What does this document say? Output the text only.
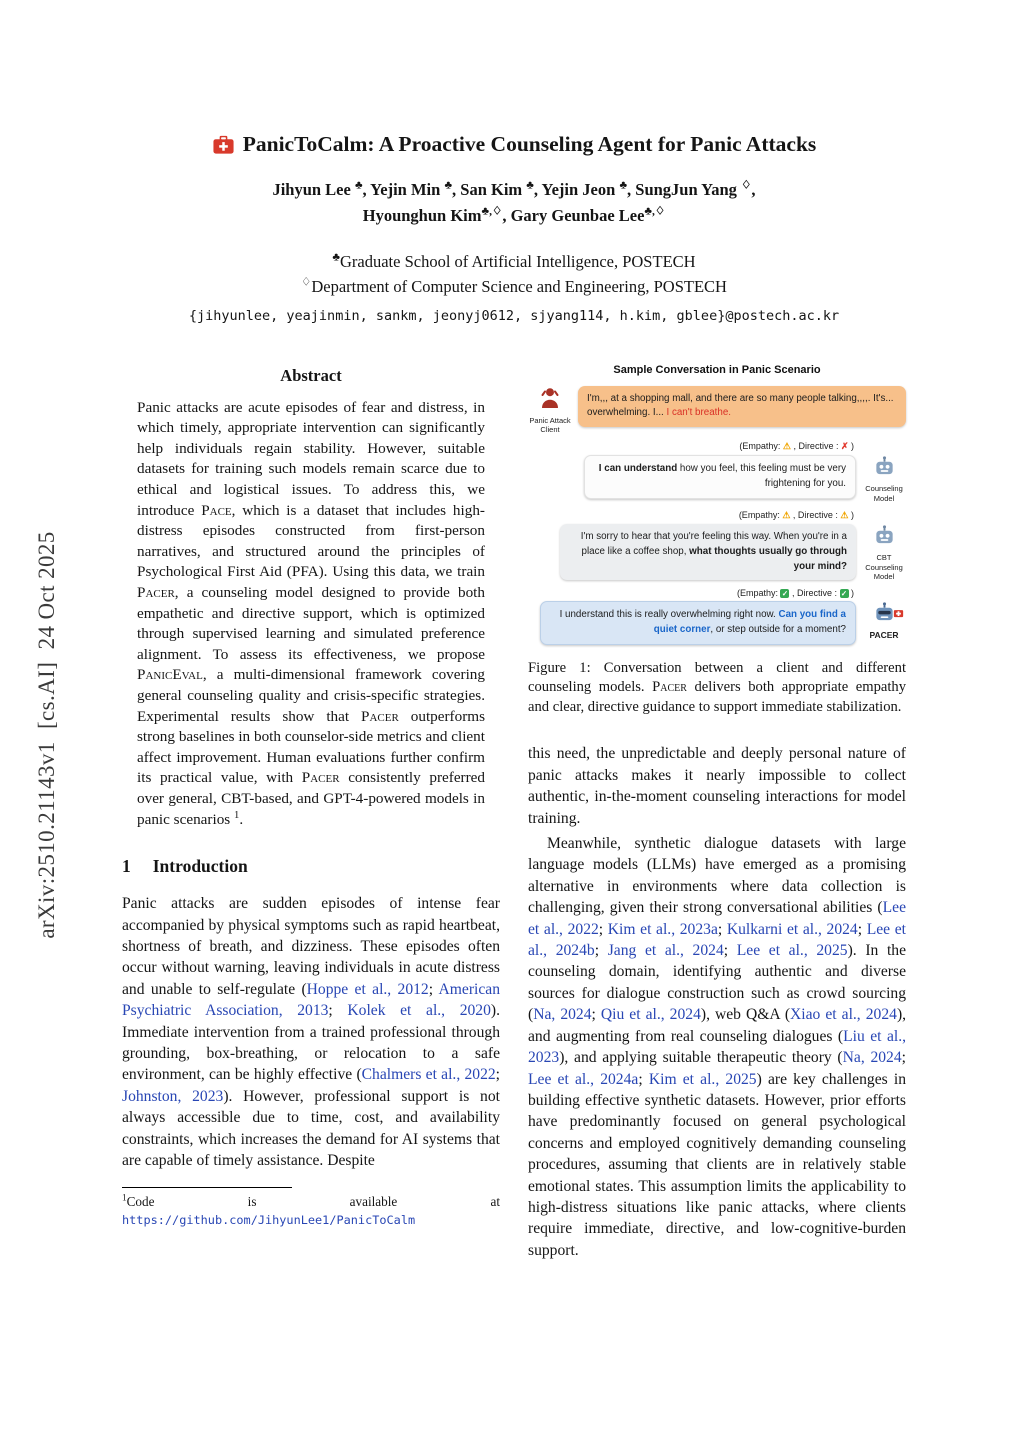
arXiv:2510.21143v1  [cs.AI]  24 Oct 2025
PanicToCalm: A Proactive Counseling Agent for Panic Attacks
Jihyun Lee ♣, Yejin Min ♣, San Kim ♣, Yejin Jeon ♣, SungJun Yang ♢,
Hyounghun Kim♣,♢, Gary Geunbae Lee♣,♢
♣Graduate School of Artificial Intelligence, POSTECH
♢Department of Computer Science and Engineering, POSTECH
{jihyunlee, yeajinmin, sankm, jeonyj0612, sjyang114, h.kim, gblee}@postech.ac.kr
Abstract
Panic attacks are acute episodes of fear and distress, in which timely, appropriate intervention can significantly help individuals regain stability. However, suitable datasets for training such models remain scarce due to ethical and logistical issues. To address this, we introduce Pace, which is a dataset that includes high-distress episodes constructed from first-person narratives, and structured around the principles of Psychological First Aid (PFA). Using this data, we train Pacer, a counseling model designed to provide both empathetic and directive support, which is optimized through supervised learning and simulated preference alignment. To assess its effectiveness, we propose PanicEval, a multi-dimensional framework covering general counseling quality and crisis-specific strategies. Experimental results show that Pacer outperforms strong baselines in both counselor-side metrics and client affect improvement. Human evaluations further confirm its practical value, with Pacer consistently preferred over general, CBT-based, and GPT-4-powered models in panic scenarios $^1$.
1 Introduction
Panic attacks are sudden episodes of intense fear accompanied by physical symptoms such as rapid heartbeat, shortness of breath, and dizziness. These episodes often occur without warning, leaving individuals in acute distress and unable to self-regulate (Hoppe et al., 2012; American Psychiatric Association, 2013; Kolek et al., 2020). Immediate intervention from a trained professional through grounding, box-breathing, or relocation to a safe environment, can be highly effective (Chalmers et al., 2022; Johnston, 2023). However, professional support is not always accessible due to time, cost, and availability constraints, which increases the demand for AI systems that are capable of timely assistance. Despite
$^1$Code is available at https://github.com/JihyunLee1/PanicToCalm
Sample Conversation in Panic Scenario
Panic Attack Client
I'm,,, at a shopping mall, and there are so many people talking,,,,. It's... overwhelming. I... I can't breathe.
(Empathy: ⚠ , Directive : ✗ )
I can understand how you feel, this feeling must be very frightening for you.	Counseling Model
(Empathy: ⚠ , Directive : ⚠ )
I'm sorry to hear that you're feeling this way. When you're in a place like a coffee shop, what thoughts usually go through your mind?
CBT Counseling Model
(Empathy: ✓ , Directive : ✓ )
I understand this is really overwhelming right now. Can you find a quiet corner, or step outside for a moment?
PACER
Figure 1: Conversation between a client and different counseling models. Pacer delivers both appropriate empathy and clear, directive guidance to support immediate stabilization.
this need, the unpredictable and deeply personal nature of panic attacks makes it nearly impossible to collect authentic, in-the-moment counseling interactions for model training.
Meanwhile, synthetic dialogue datasets with large language models (LLMs) have emerged as a promising alternative in environments where data collection is challenging, given their strong conversational abilities (Lee et al., 2022; Kim et al., 2023a; Kulkarni et al., 2024; Lee et al., 2024b; Jang et al., 2024; Lee et al., 2025). In the counseling domain, identifying authentic and diverse sources for dialogue construction such as crowd sourcing (Na, 2024; Qiu et al., 2024), web Q&A (Xiao et al., 2024), and augmenting from real counseling dialogues (Liu et al., 2023), and applying suitable therapeutic theory (Na, 2024; Lee et al., 2024a; Kim et al., 2025) are key challenges in building effective synthetic datasets. However, prior efforts have predominantly focused on general psychological concerns and employed cognitively demanding counseling procedures, assuming that clients are in relatively stable emotional states. This assumption limits the applicability to high-distress situations like panic attacks, where clients require immediate, directive, and low-cognitive-burden support.
